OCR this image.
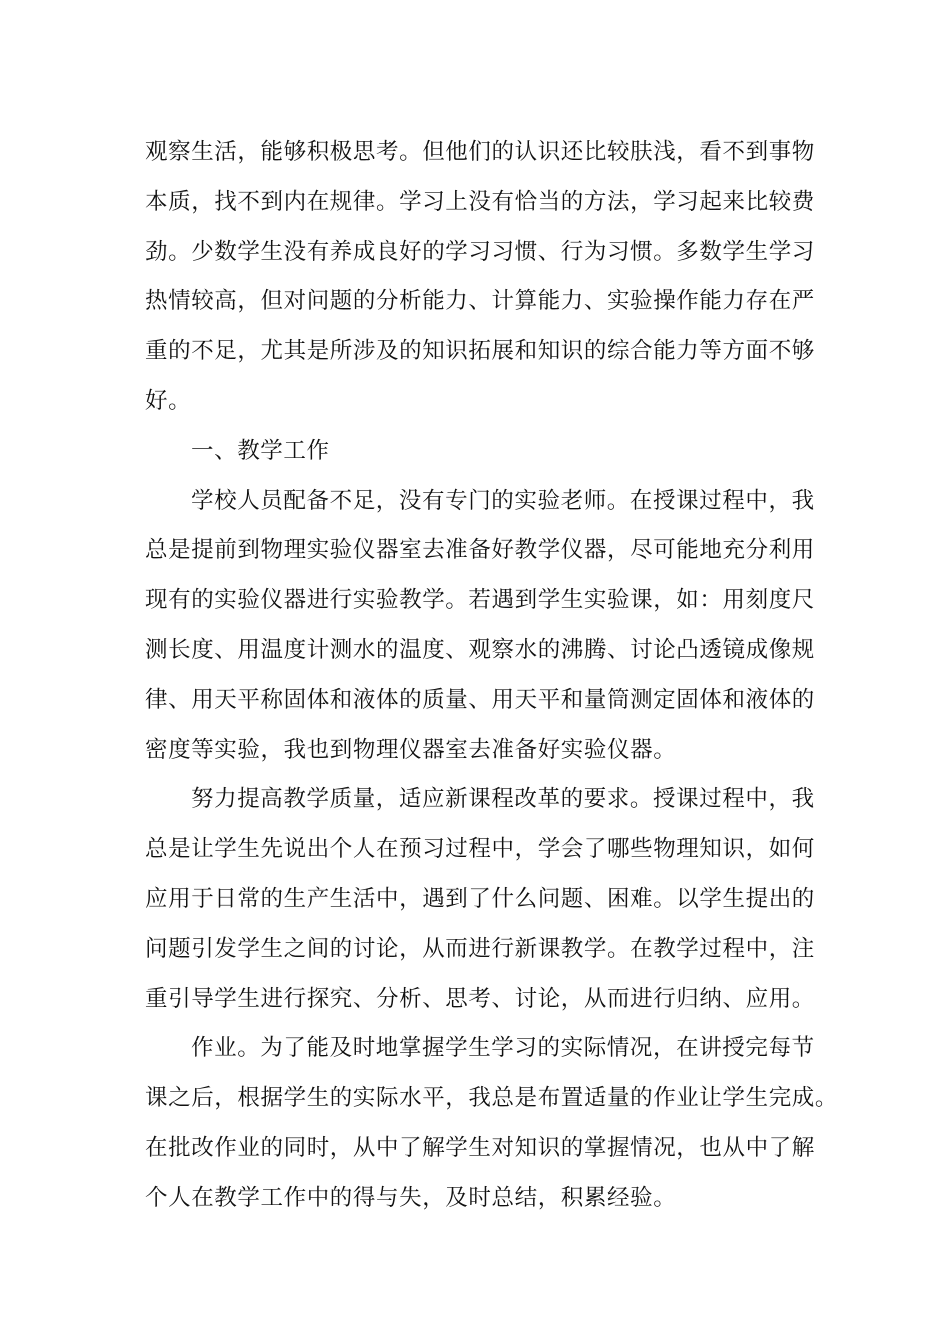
观察生活，能够积极思考。但他们的认识还比较肤浅，看不到事物
本质，找不到内在规律。学习上没有恰当的方法，学习起来比较费
劲。少数学生没有养成良好的学习习惯、行为习惯。多数学生学习
热情较高，但对问题的分析能力、计算能力、实验操作能力存在严
重的不足，尤其是所涉及的知识拓展和知识的综合能力等方面不够
好。
一、教学工作
学校人员配备不足，没有专门的实验老师。在授课过程中，我
总是提前到物理实验仪器室去准备好教学仪器，尽可能地充分利用
现有的实验仪器进行实验教学。若遇到学生实验课，如：用刻度尺
测长度、用温度计测水的温度、观察水的沸腾、讨论凸透镜成像规
律、用天平称固体和液体的质量、用天平和量筒测定固体和液体的
密度等实验，我也到物理仪器室去准备好实验仪器。
努力提高教学质量，适应新课程改革的要求。授课过程中，我
总是让学生先说出个人在预习过程中，学会了哪些物理知识，如何
应用于日常的生产生活中，遇到了什么问题、困难。以学生提出的
问题引发学生之间的讨论，从而进行新课教学。在教学过程中，注
重引导学生进行探究、分析、思考、讨论，从而进行归纳、应用。
作业。为了能及时地掌握学生学习的实际情况，在讲授完每节
课之后，根据学生的实际水平，我总是布置适量的作业让学生完成。
在批改作业的同时，从中了解学生对知识的掌握情况，也从中了解
个人在教学工作中的得与失，及时总结，积累经验。
